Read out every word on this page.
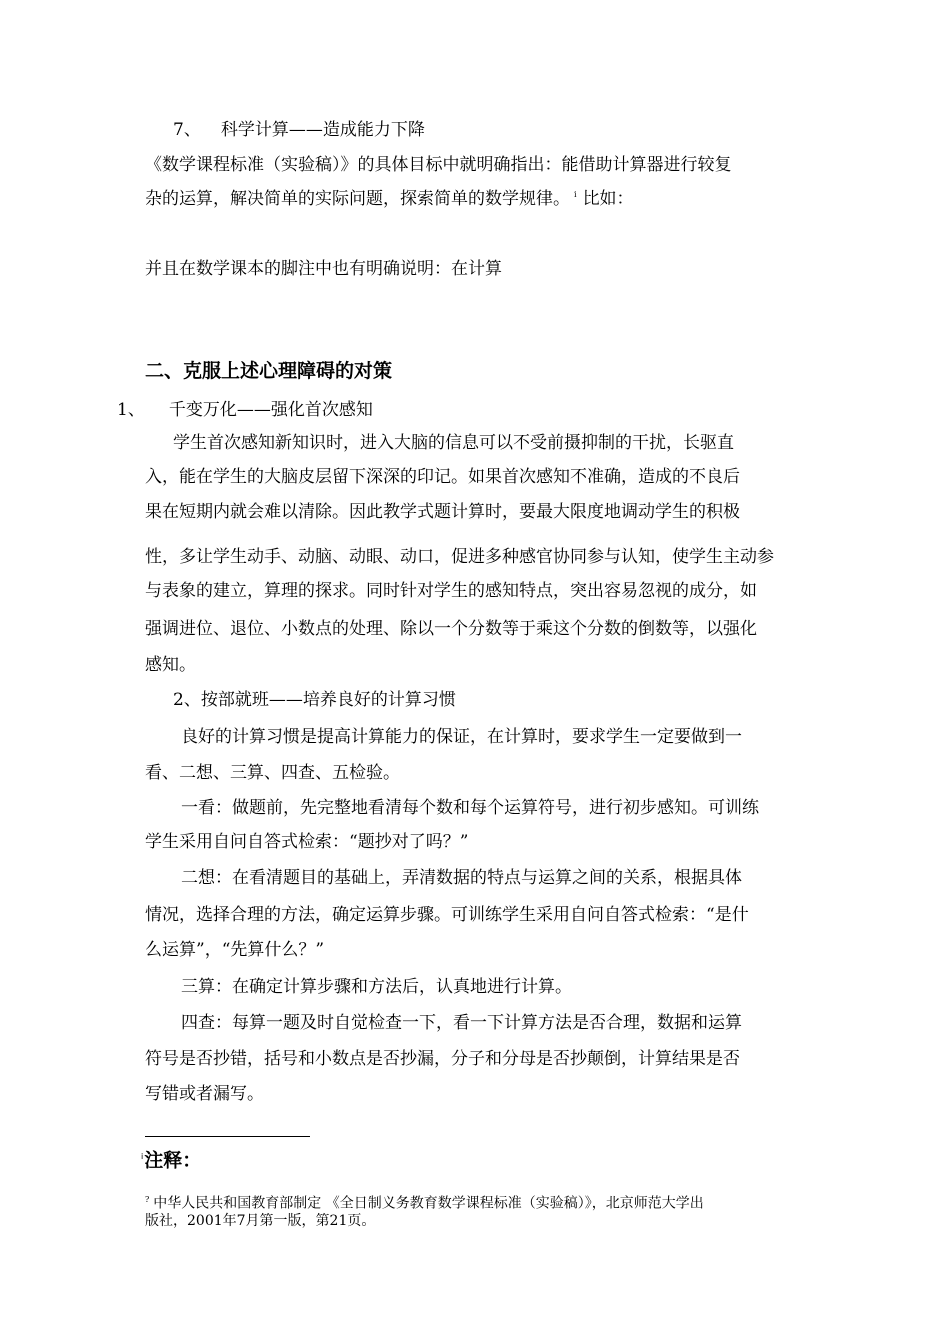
7、 科学计算——造成能力下降
《数学课程标准（实验稿）》的具体目标中就明确指出：能借助计算器进行较复
杂的运算，解决简单的实际问题，探索简单的数学规律。 $^i$ 比如：
并且在数学课本的脚注中也有明确说明：在计算
二、克服上述心理障碍的对策
1、 千变万化——强化首次感知
学生首次感知新知识时，进入大脑的信息可以不受前摄抑制的干扰，长驱直
入，能在学生的大脑皮层留下深深的印记。如果首次感知不准确，造成的不良后
果在短期内就会难以清除。因此教学式题计算时，要最大限度地调动学生的积极
性，多让学生动手、动脑、动眼、动口，促进多种感官协同参与认知，使学生主动参
与表象的建立，算理的探求。同时针对学生的感知特点，突出容易忽视的成分，如
强调进位、退位、小数点的处理、除以一个分数等于乘这个分数的倒数等，以强化
感知。
2、按部就班——培养良好的计算习惯
良好的计算习惯是提高计算能力的保证，在计算时，要求学生一定要做到一
看、二想、三算、四查、五检验。
一看：做题前，先完整地看清每个数和每个运算符号，进行初步感知。可训练
学生采用自问自答式检索：“题抄对了吗？”
二想：在看清题目的基础上，弄清数据的特点与运算之间的关系，根据具体
情况，选择合理的方法，确定运算步骤。可训练学生采用自问自答式检索：“是什
么运算”，“先算什么？”
三算：在确定计算步骤和方法后，认真地进行计算。
四查：每算一题及时自觉检查一下，看一下计算方法是否合理，数据和运算
符号是否抄错，括号和小数点是否抄漏，分子和分母是否抄颠倒，计算结果是否
写错或者漏写。
$^i$注释：
? 中华人民共和国教育部制定 《全日制义务教育数学课程标准（实验稿）》，北京师范大学出
版社，2001年7月第一版，第21页。
